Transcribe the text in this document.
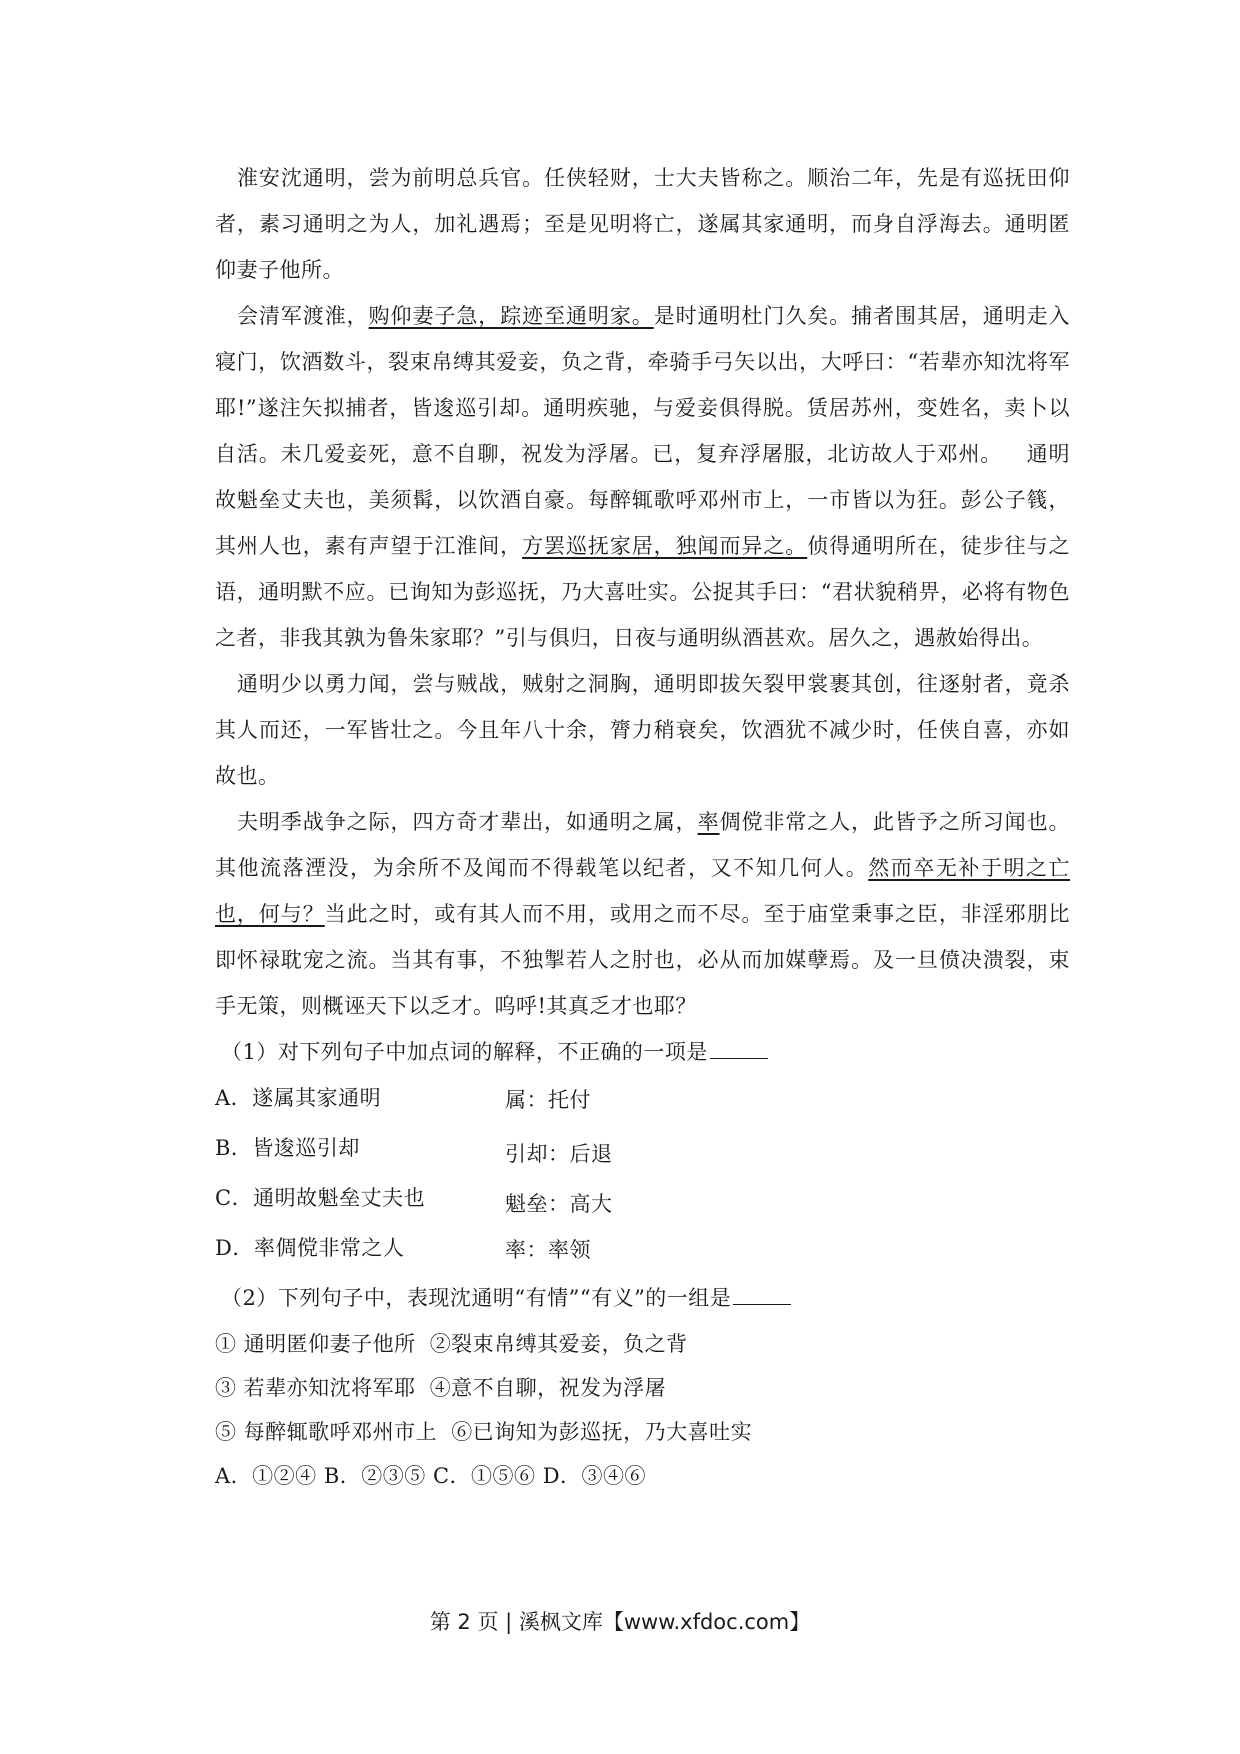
淮安沈通明，尝为前明总兵官。任侠轻财，士大夫皆称之。顺治二年，先是有巡抚田仰者，素习通明之为人，加礼遇焉；至是见明将亡，遂属其家通明，而身自浮海去。通明匿仰妻子他所。

会清军渡淮，购仰妻子急，踪迹至通明家。是时通明杜门久矣。捕者围其居，通明走入寝门，饮酒数斗，裂束帛缚其爱妾，负之背，牵骑手弓矢以出，大呼曰：“若辈亦知沈将军耶!”遂注矢拟捕者，皆逡巡引却。通明疾驰，与爱妾俱得脱。赁居苏州，变姓名，卖卜以自活。未几爱妾死，意不自聊，祝发为浮屠。已，复弃浮屠服，北访故人于邓州。 通明故魁垒丈夫也，美须髯，以饮酒自豪。每醉辄歌呼邓州市上，一市皆以为狂。彭公子篯，其州人也，素有声望于江淮间，方罢巡抚家居，独闻而异之。侦得通明所在，徒步往与之语，通明默不应。已询知为彭巡抚，乃大喜吐实。公捉其手曰：“君状貌稍畀，必将有物色之者，非我其孰为鲁朱家耶？”引与俱归，日夜与通明纵酒甚欢。居久之，遇赦始得出。

通明少以勇力闻，尝与贼战，贼射之洞胸，通明即拔矢裂甲裳裹其创，往逐射者，竟杀其人而还，一军皆壮之。今且年八十余，膂力稍衰矣，饮酒犹不减少时，任侠自喜，亦如故也。

夫明季战争之际，四方奇才辈出，如通明之属，率倜傥非常之人，此皆予之所习闻也。其他流落湮没，为余所不及闻而不得载笔以纪者，又不知几何人。然而卒无补于明之亡也，何与？当此之时，或有其人而不用，或用之而不尽。至于庙堂秉事之臣，非淫邪朋比即怀禄耽宠之流。当其有事，不独掣若人之肘也，必从而加媒孽焉。及一旦偾决溃裂，束手无策，则概诬天下以乏才。呜呼!其真乏才也耶？

（1）对下列句子中加点词的解释，不正确的一项是
A．遂属其家通明	属：托付
B．皆逡巡引却	引却：后退
C．通明故魁垒丈夫也	魁垒：高大
D．率倜傥非常之人	率：率领
（2）下列句子中，表现沈通明“有情”“有义”的一组是
① 通明匿仰妻子他所 ②裂束帛缚其爱妾，负之背
③ 若辈亦知沈将军耶 ④意不自聊，祝发为浮屠
⑤ 每醉辄歌呼邓州市上 ⑥已询知为彭巡抚，乃大喜吐实
A．①②④ B．②③⑤ C．①⑤⑥ D．③④⑥
第 2 页 | 溪枫文库【www.xfdoc.com】
